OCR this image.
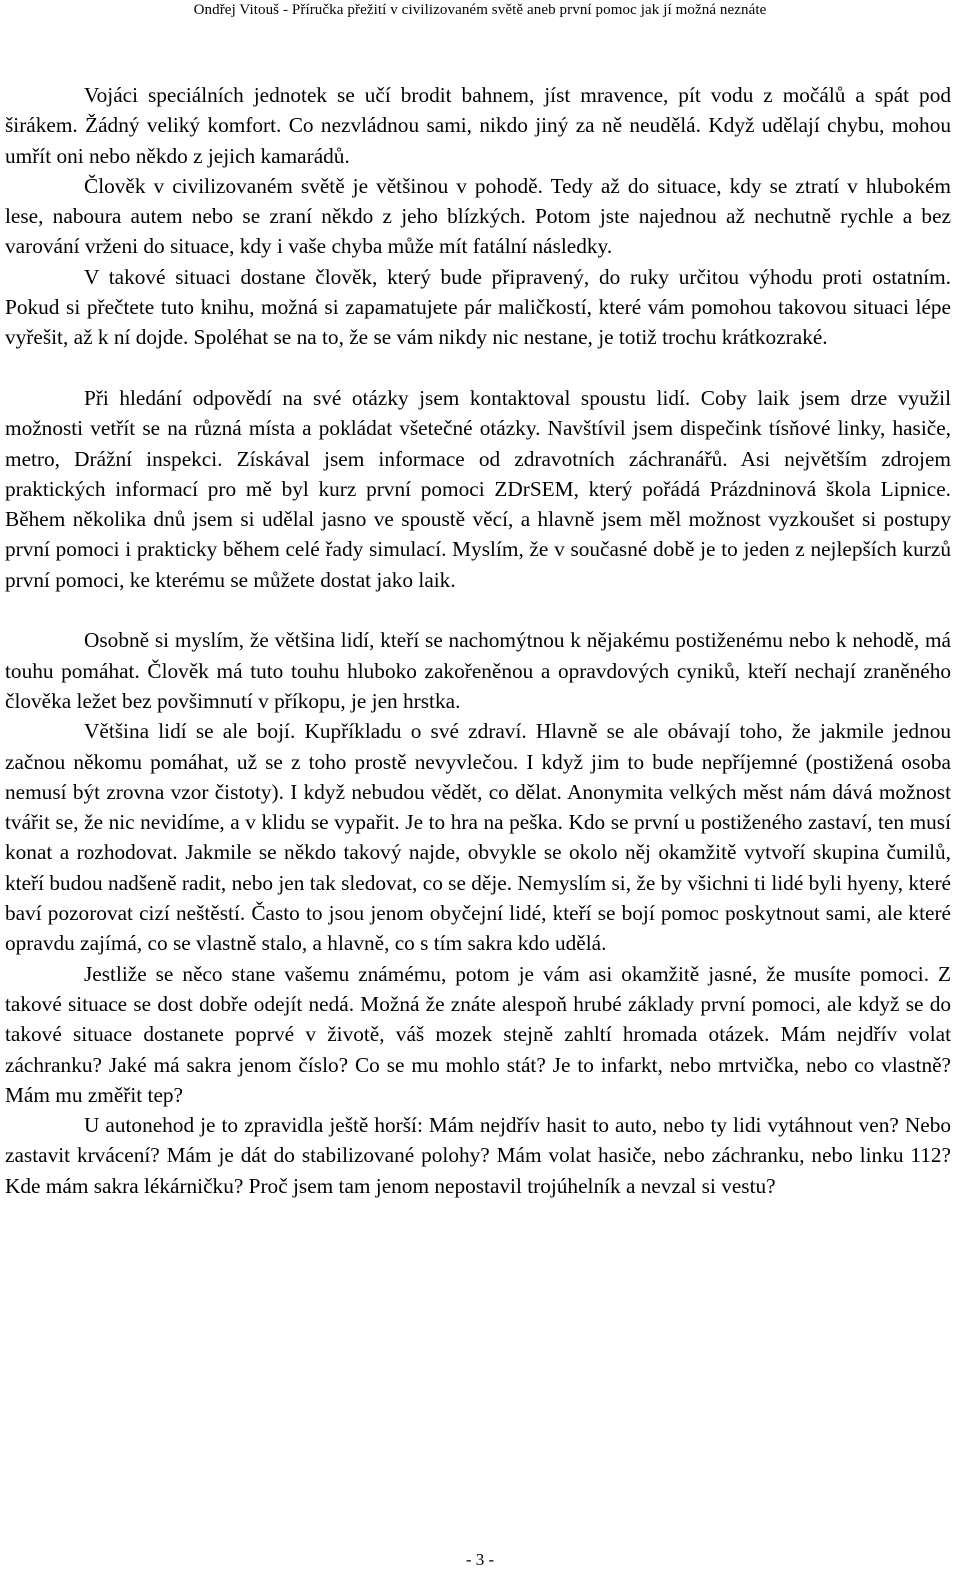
Ondřej Vitouš - Příručka přežití v civilizovaném světě aneb první pomoc jak jí možná neznáte

Vojáci speciálních jednotek se učí brodit bahnem, jíst mravence, pít vodu z močálů a spát pod širákem. Žádný veliký komfort. Co nezvládnou sami, nikdo jiný za ně neudělá. Když udělají chybu, mohou umřít oni nebo někdo z jejich kamarádů.

Člověk v civilizovaném světě je většinou v pohodě. Tedy až do situace, kdy se ztratí v hlubokém lese, naboura autem nebo se zraní někdo z jeho blízkých. Potom jste najednou až nechutně rychle a bez varování vrženi do situace, kdy i vaše chyba může mít fatální následky.

V takové situaci dostane člověk, který bude připravený, do ruky určitou výhodu proti ostatním. Pokud si přečtete tuto knihu, možná si zapamatujete pár maličkostí, které vám pomohou takovou situaci lépe vyřešit, až k ní dojde. Spoléhat se na to, že se vám nikdy nic nestane, je totiž trochu krátkozraké.

Při hledání odpovědí na své otázky jsem kontaktoval spoustu lidí. Coby laik jsem drze využil možnosti vetřít se na různá místa a pokládat všetečné otázky. Navštívil jsem dispečink tísňové linky, hasiče, metro, Drážní inspekci. Získával jsem informace od zdravotních záchranářů. Asi největším zdrojem praktických informací pro mě byl kurz první pomoci ZDrSEM, který pořádá Prázdninová škola Lipnice. Během několika dnů jsem si udělal jasno ve spoustě věcí, a hlavně jsem měl možnost vyzkoušet si postupy první pomoci i prakticky během celé řady simulací. Myslím, že v současné době je to jeden z nejlepších kurzů první pomoci, ke kterému se můžete dostat jako laik.

Osobně si myslím, že většina lidí, kteří se nachomýtnou k nějakému postiženému nebo k nehodě, má touhu pomáhat. Člověk má tuto touhu hluboko zakořeněnou a opravdových cyniků, kteří nechají zraněného člověka ležet bez povšimnutí v příkopu, je jen hrstka.

Většina lidí se ale bojí. Kupříkladu o své zdraví. Hlavně se ale obávají toho, že jakmile jednou začnou někomu pomáhat, už se z toho prostě nevyvlečou. I když jim to bude nepříjemné (postižená osoba nemusí být zrovna vzor čistoty). I když nebudou vědět, co dělat. Anonymita velkých měst nám dává možnost tvářit se, že nic nevidíme, a v klidu se vypařit. Je to hra na peška. Kdo se první u postiženého zastaví, ten musí konat a rozhodovat. Jakmile se někdo takový najde, obvykle se okolo něj okamžitě vytvoří skupina čumilů, kteří budou nadšeně radit, nebo jen tak sledovat, co se děje. Nemyslím si, že by všichni ti lidé byli hyeny, které baví pozorovat cizí neštěstí. Často to jsou jenom obyčejní lidé, kteří se bojí pomoc poskytnout sami, ale které opravdu zajímá, co se vlastně stalo, a hlavně, co s tím sakra kdo udělá.

Jestliže se něco stane vašemu známému, potom je vám asi okamžitě jasné, že musíte pomoci. Z takové situace se dost dobře odejít nedá. Možná že znáte alespoň hrubé základy první pomoci, ale když se do takové situace dostanete poprvé v životě, váš mozek stejně zahltí hromada otázek. Mám nejdřív volat záchranku? Jaké má sakra jenom číslo? Co se mu mohlo stát? Je to infarkt, nebo mrtvička, nebo co vlastně? Mám mu změřit tep?

U autonehod je to zpravidla ještě horší: Mám nejdřív hasit to auto, nebo ty lidi vytáhnout ven? Nebo zastavit krvácení? Mám je dát do stabilizované polohy? Mám volat hasiče, nebo záchranku, nebo linku 112? Kde mám sakra lékárničku? Proč jsem tam jenom nepostavil trojúhelník a nevzal si vestu?

- 3 -
